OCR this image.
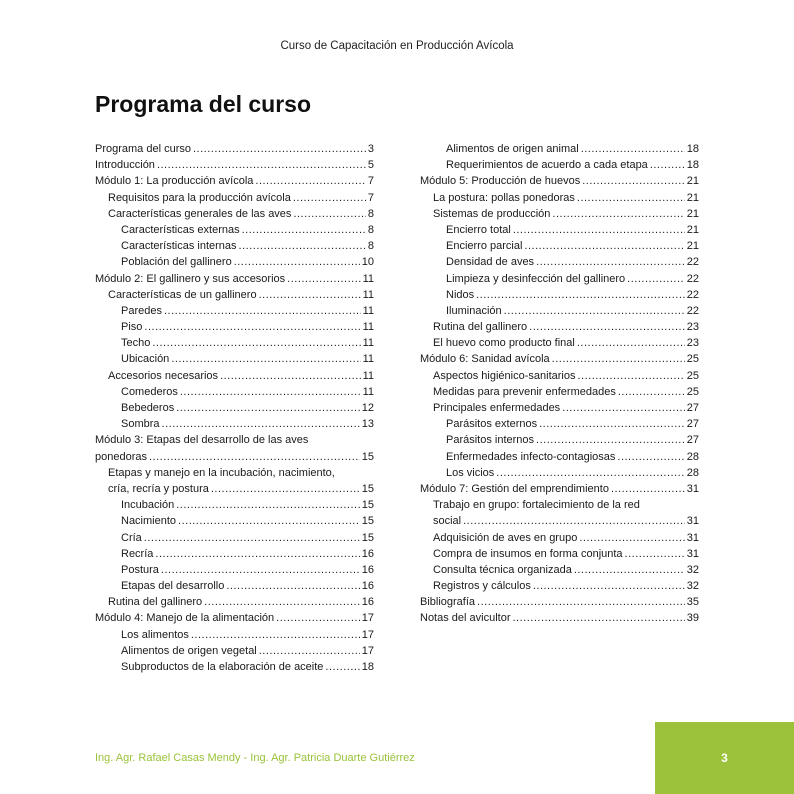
Curso de Capacitación en Producción Avícola
Programa del curso
Programa del curso .....	3
Introducción .....	5
Módulo 1: La producción avícola .....	7
Requisitos para la producción avícola .....	7
Características generales de las aves .....	8
Características externas .....	8
Características internas .....	8
Población del gallinero .....	10
Módulo 2: El gallinero y sus accesorios .....	11
Características de un gallinero .....	11
Paredes .....	11
Piso .....	11
Techo .....	11
Ubicación .....	11
Accesorios necesarios .....	11
Comederos .....	11
Bebederos .....	12
Sombra .....	13
Módulo 3: Etapas del desarrollo de las aves
ponedoras .....	15
Etapas y manejo en la incubación, nacimiento,
cría, recría y postura .....	15
Incubación .....	15
Nacimiento .....	15
Cría .....	15
Recría .....	16
Postura .....	16
Etapas del desarrollo .....	16
Rutina del gallinero .....	16
Módulo 4: Manejo de la alimentación .....	17
Los alimentos .....	17
Alimentos de origen vegetal .....	17
Subproductos de la elaboración de aceite .....	18
Alimentos de origen animal .....	18
Requerimientos de acuerdo a cada etapa .....	18
Módulo 5: Producción de huevos .....	21
La postura: pollas ponedoras .....	21
Sistemas de producción .....	21
Encierro total .....	21
Encierro parcial .....	21
Densidad de aves .....	22
Limpieza y desinfección del gallinero .....	22
Nidos .....	22
Iluminación .....	22
Rutina del gallinero .....	23
El huevo como producto final .....	23
Módulo 6: Sanidad avícola .....	25
Aspectos higiénico-sanitarios .....	25
Medidas para prevenir enfermedades .....	25
Principales enfermedades .....	27
Parásitos externos .....	27
Parásitos internos .....	27
Enfermedades infecto-contagiosas .....	28
Los vicios .....	28
Módulo 7: Gestión del emprendimiento .....	31
Trabajo en grupo: fortalecimiento de la red
social .....	31
Adquisición de aves en grupo .....	31
Compra de insumos en forma conjunta .....	31
Consulta técnica organizada .....	32
Registros y cálculos .....	32
Bibliografía .....	35
Notas del avicultor .....	39
Ing. Agr. Rafael Casas Mendy - Ing. Agr. Patricia Duarte Gutiérrez	3
